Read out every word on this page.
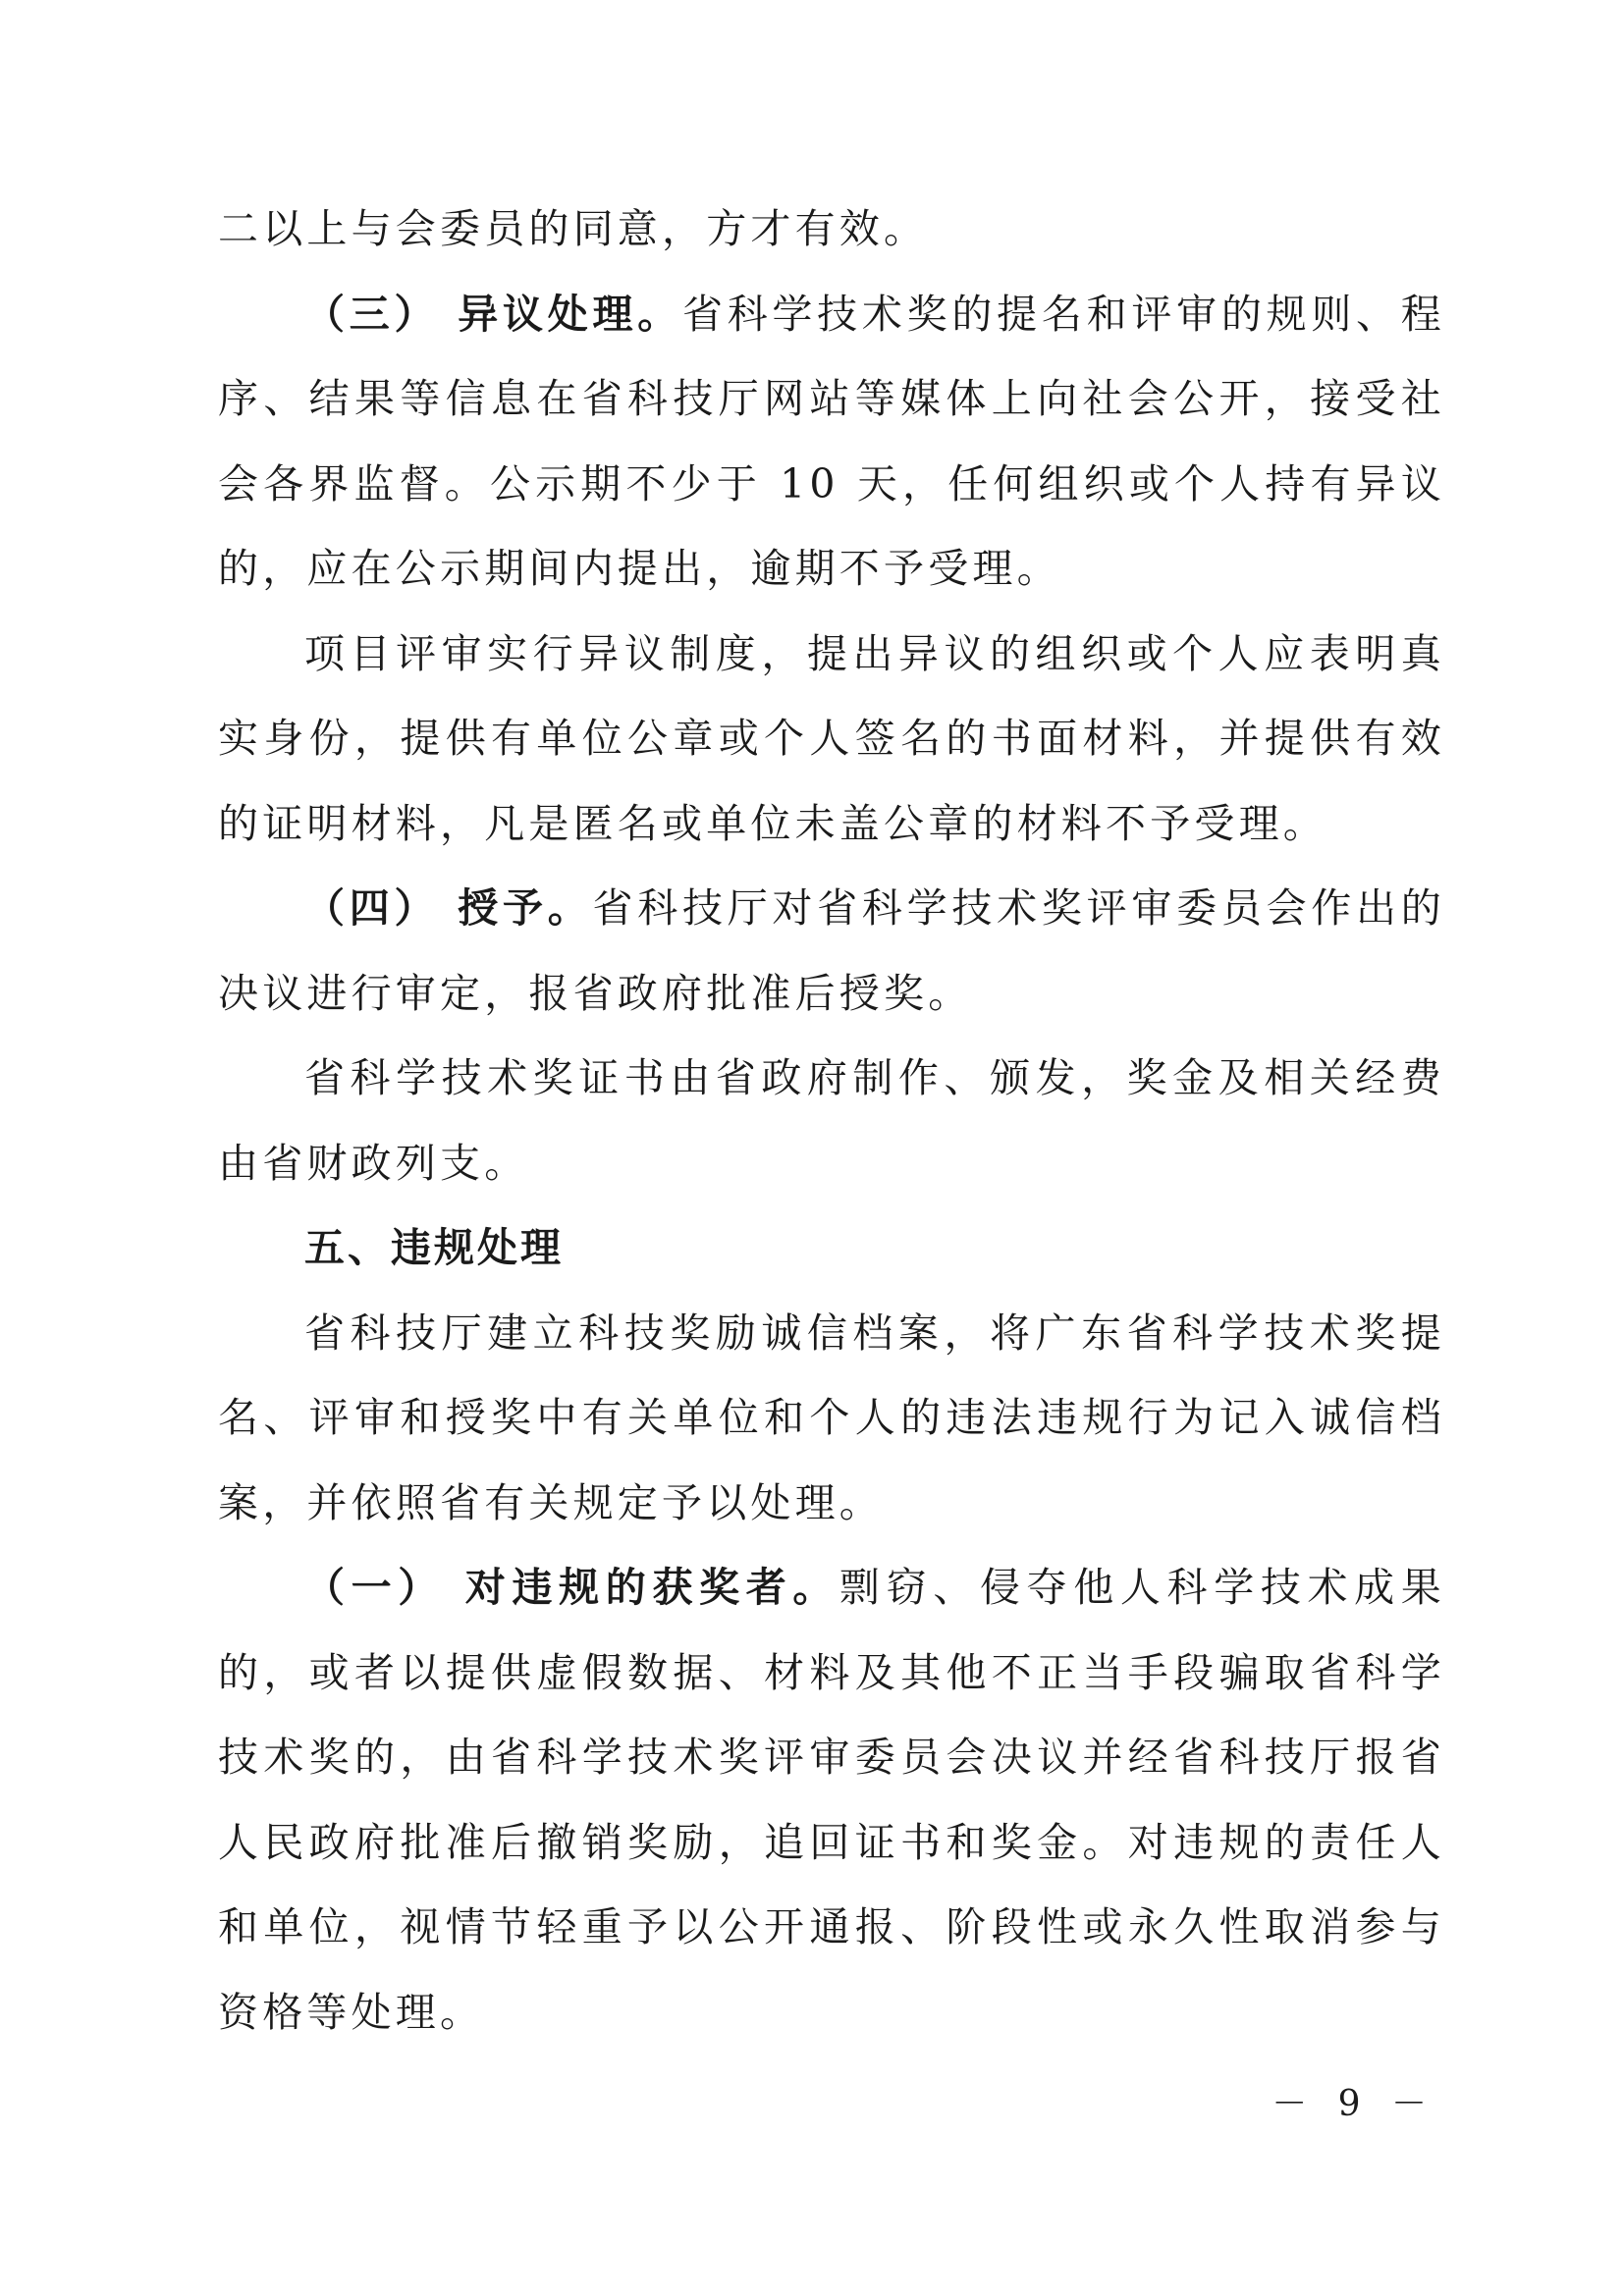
二以上与会委员的同意，方才有效。

（三） 异议处理。省科学技术奖的提名和评审的规则、程序、结果等信息在省科技厅网站等媒体上向社会公开，接受社会各界监督。公示期不少于 10 天，任何组织或个人持有异议的，应在公示期间内提出，逾期不予受理。

项目评审实行异议制度，提出异议的组织或个人应表明真实身份，提供有单位公章或个人签名的书面材料，并提供有效的证明材料，凡是匿名或单位未盖公章的材料不予受理。

（四） 授予。省科技厅对省科学技术奖评审委员会作出的决议进行审定，报省政府批准后授奖。

省科学技术奖证书由省政府制作、颁发，奖金及相关经费由省财政列支。

五、违规处理

省科技厅建立科技奖励诚信档案，将广东省科学技术奖提名、评审和授奖中有关单位和个人的违法违规行为记入诚信档案，并依照省有关规定予以处理。

（一） 对违规的获奖者。剽窃、侵夺他人科学技术成果的，或者以提供虚假数据、材料及其他不正当手段骗取省科学技术奖的，由省科学技术奖评审委员会决议并经省科技厅报省人民政府批准后撤销奖励，追回证书和奖金。对违规的责任人和单位，视情节轻重予以公开通报、阶段性或永久性取消参与资格等处理。

－ 9 －
